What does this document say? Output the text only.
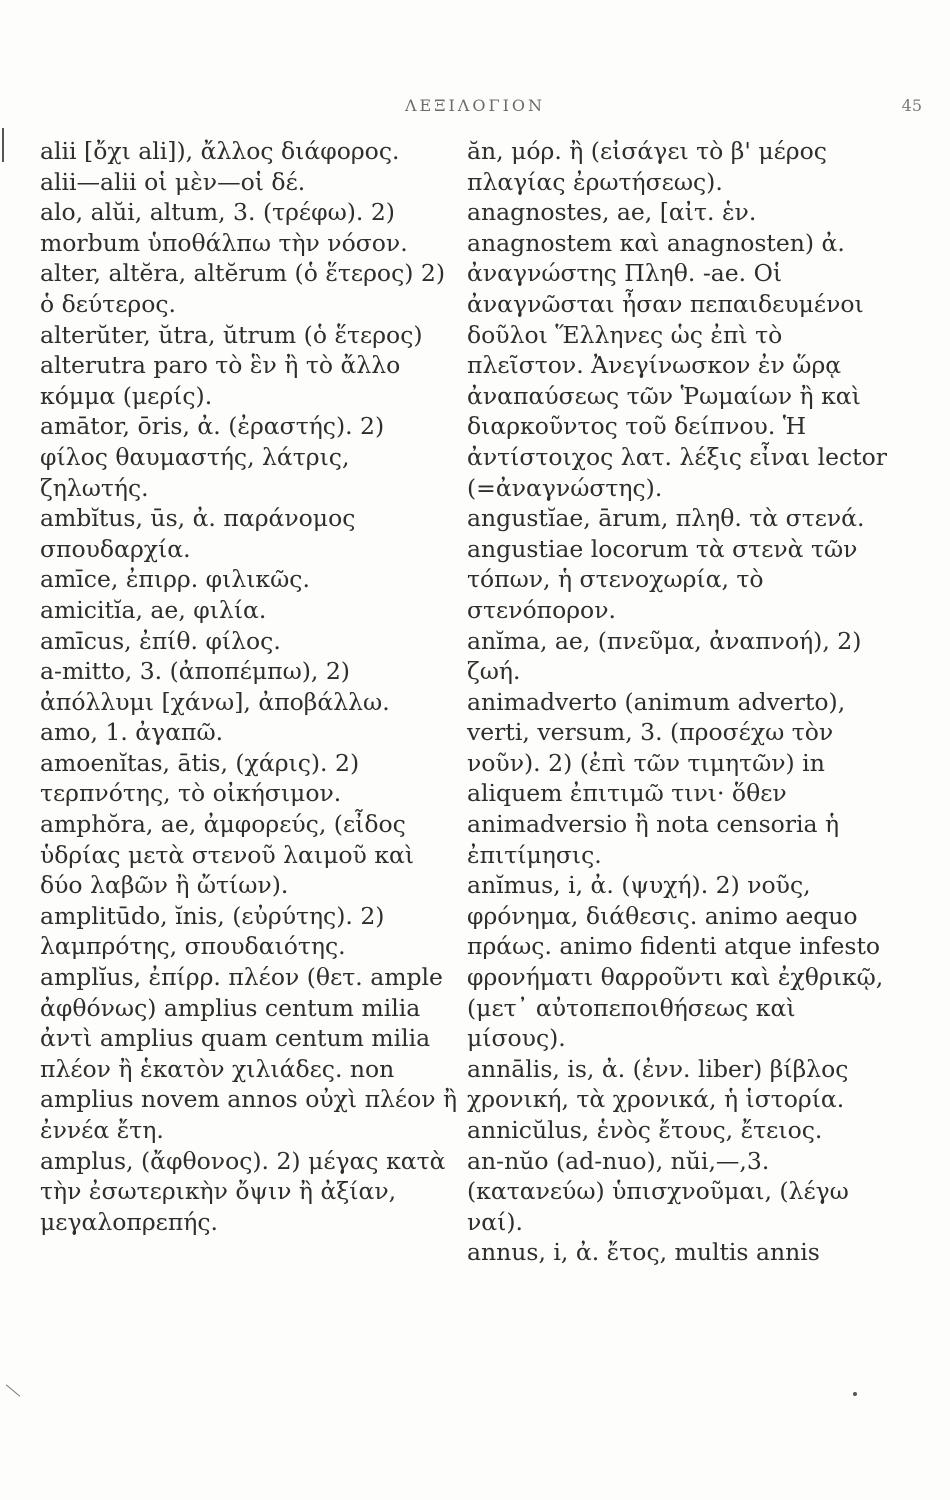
ΛΕΞΙΛΟΓΙΟΝ	45
alii [ὄχι ali]), ἄλλος διάφορος.
alii—alii οἱ μὲν—οἱ δέ.
alo, alŭi, altum, 3. (τρέφω). 2) morbum ὑποθάλπω τὴν νόσον.
alter, altĕra, altĕrum (ὁ ἕτερος) 2) ὁ δεύτερος.
alterŭter, ŭtra, ŭtrum (ὁ ἕτερος) alterutra paro τὸ ἓν ἢ τὸ ἄλλο κόμμα (μερίς).
amātor, ōris, ἀ. (ἐραστής). 2) φίλος θαυμαστής, λάτρις, ζηλωτής.
ambĭtus, ūs, ἀ. παράνομος σπουδαρχία.
amīce, ἐπιρρ. φιλικῶς.
amicitĭa, ae, φιλία.
amīcus, ἐπίθ. φίλος.
a-mitto, 3. (ἀποπέμπω), 2) ἀπόλλυμι [χάνω], ἀποβάλλω.
amo, 1. ἀγαπῶ.
amoenĭtas, ātis, (χάρις). 2) τερπνότης, τὸ οἰκήσιμον.
amphŏra, ae, ἀμφορεύς, (εἶδος ὑδρίας μετὰ στενοῦ λαιμοῦ καὶ δύο λαβῶν ἢ ὤτίων).
amplitūdo, ĭnis, (εὐρύτης). 2) λαμπρότης, σπουδαιότης.
amplĭus, ἐπίρρ. πλέον (θετ. ample ἀφθόνως) amplius centum milia ἀντὶ amplius quam centum milia πλέον ἢ ἑκατὸν χιλιάδες. non amplius novem annos οὐχὶ πλέον ἢ ἐννέα ἔτη.
amplus, (ἄφθονος). 2) μέγας κατὰ τὴν ἐσωτερικὴν ὄψιν ἢ ἀξίαν, μεγαλοπρεπής.
ăn, μόρ. ἢ (εἰσάγει τὸ β' μέρος πλαγίας ἐρωτήσεως).
anagnostes, ae, [αἰτ. ἑν. anagnostem καὶ anagnosten) ἀ. ἀναγνώστης Πληθ. -ae. Οἱ ἀναγνῶσται ἦσαν πεπαιδευμένοι δοῦλοι Ἕλληνες ὡς ἐπὶ τὸ πλεῖστον. Ἀνεγίνωσκον ἐν ὥρᾳ ἀναπαύσεως τῶν Ῥωμαίων ἢ καὶ διαρκοῦντος τοῦ δείπνου. Ἡ ἀντίστοιχος λατ. λέξις εἶναι lector (=ἀναγνώστης).
angustĭae, ārum, πληθ. τὰ στενά. angustiae locorum τὰ στενὰ τῶν τόπων, ἡ στενοχωρία, τὸ στενόπορον.
anĭma, ae, (πνεῦμα, ἀναπνοή), 2) ζωή.
animadverto (animum adverto), verti, versum, 3. (προσέχω τὸν νοῦν). 2) (ἐπὶ τῶν τιμητῶν) in aliquem ἐπιτιμῶ τινι· ὅθεν animadversio ἢ nota censoria ἡ ἐπιτίμησις.
anĭmus, i, ἀ. (ψυχή). 2) νοῦς, φρόνημα, διάθεσις. animo aequo πράως. animo fidenti atque infesto φρονήματι θαρροῦντι καὶ ἐχθρικῷ, (μετ᾽ αὐτοπεποιθήσεως καὶ μίσους).
annālis, is, ἀ. (ἐνν. liber) βίβλος χρονική, τὰ χρονικά, ἡ ἱστορία.
annicŭlus, ἑνὸς ἔτους, ἔτειος.
an-nŭo (ad-nuo), nŭi,—,3. (κατανεύω) ὑπισχνοῦμαι, (λέγω ναί).
annus, i, ἀ. ἔτος, multis annis
